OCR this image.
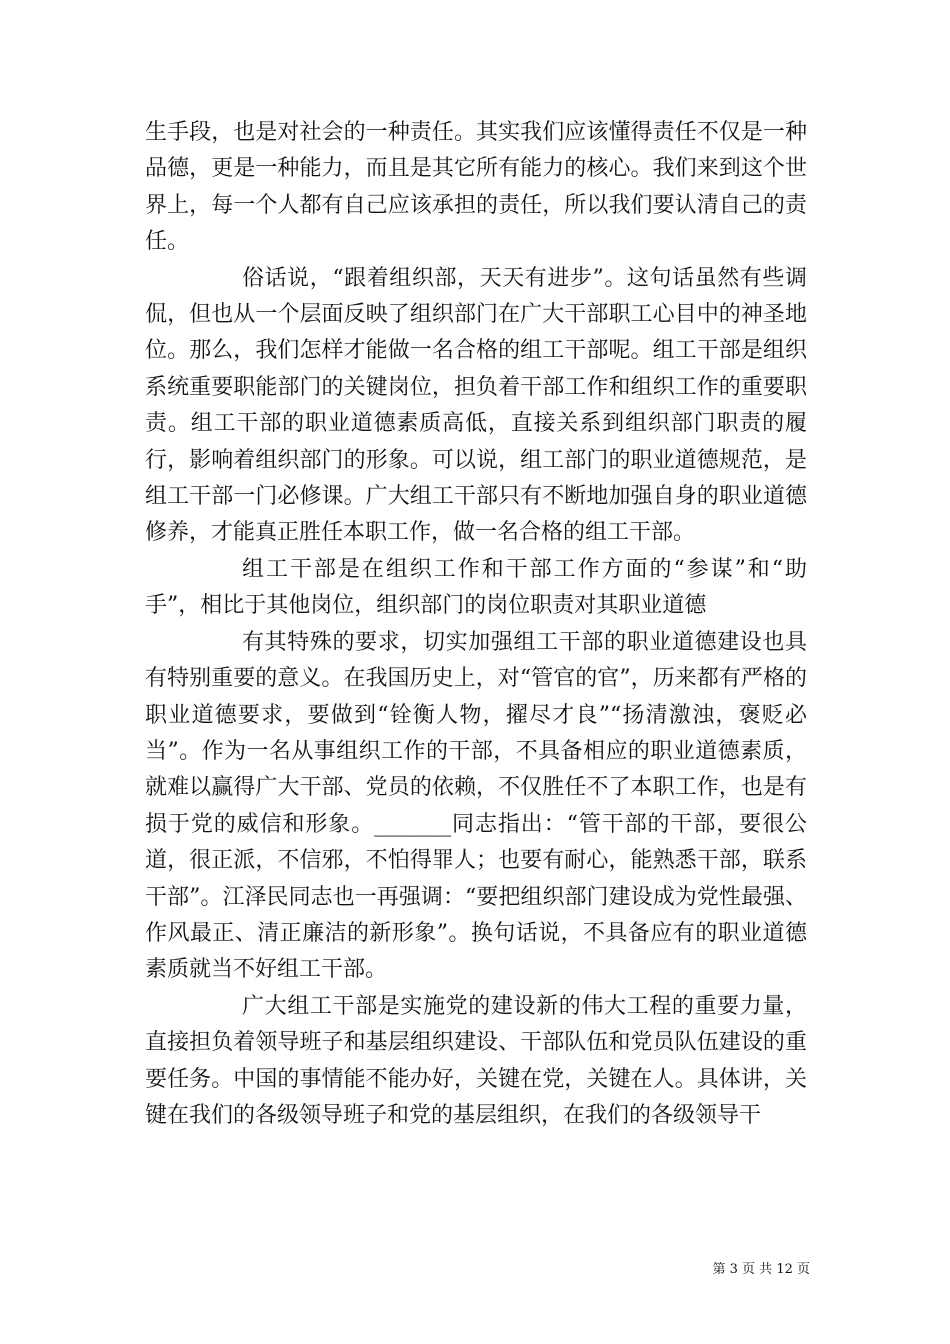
生手段，也是对社会的一种责任。其实我们应该懂得责任不仅是一种品德，更是一种能力，而且是其它所有能力的核心。我们来到这个世界上，每一个人都有自己应该承担的责任，所以我们要认清自己的责任。

俗话说，“跟着组织部，天天有进步”。这句话虽然有些调侃，但也从一个层面反映了组织部门在广大干部职工心目中的神圣地位。那么，我们怎样才能做一名合格的组工干部呢。组工干部是组织系统重要职能部门的关键岗位，担负着干部工作和组织工作的重要职责。组工干部的职业道德素质高低，直接关系到组织部门职责的履行，影响着组织部门的形象。可以说，组工部门的职业道德规范，是组工干部一门必修课。广大组工干部只有不断地加强自身的职业道德修养，才能真正胜任本职工作，做一名合格的组工干部。

组工干部是在组织工作和干部工作方面的“参谋”和“助手”，相比于其他岗位，组织部门的岗位职责对其职业道德

有其特殊的要求，切实加强组工干部的职业道德建设也具有特别重要的意义。在我国历史上，对“管官的官”，历来都有严格的职业道德要求，要做到“铨衡人物，擢尽才良”“扬清激浊，褒贬必当”。作为一名从事组织工作的干部，不具备相应的职业道德素质，就难以赢得广大干部、党员的依赖，不仅胜任不了本职工作，也是有损于党的威信和形象。_______同志指出：“管干部的干部，要很公道，很正派，不信邪，不怕得罪人；也要有耐心，能熟悉干部，联系干部”。江泽民同志也一再强调：“要把组织部门建设成为党性最强、作风最正、清正廉洁的新形象”。换句话说，不具备应有的职业道德素质就当不好组工干部。

广大组工干部是实施党的建设新的伟大工程的重要力量，直接担负着领导班子和基层组织建设、干部队伍和党员队伍建设的重要任务。中国的事情能不能办好，关键在党，关键在人。具体讲，关键在我们的各级领导班子和党的基层组织，在我们的各级领导干

第 3 页 共 12 页
